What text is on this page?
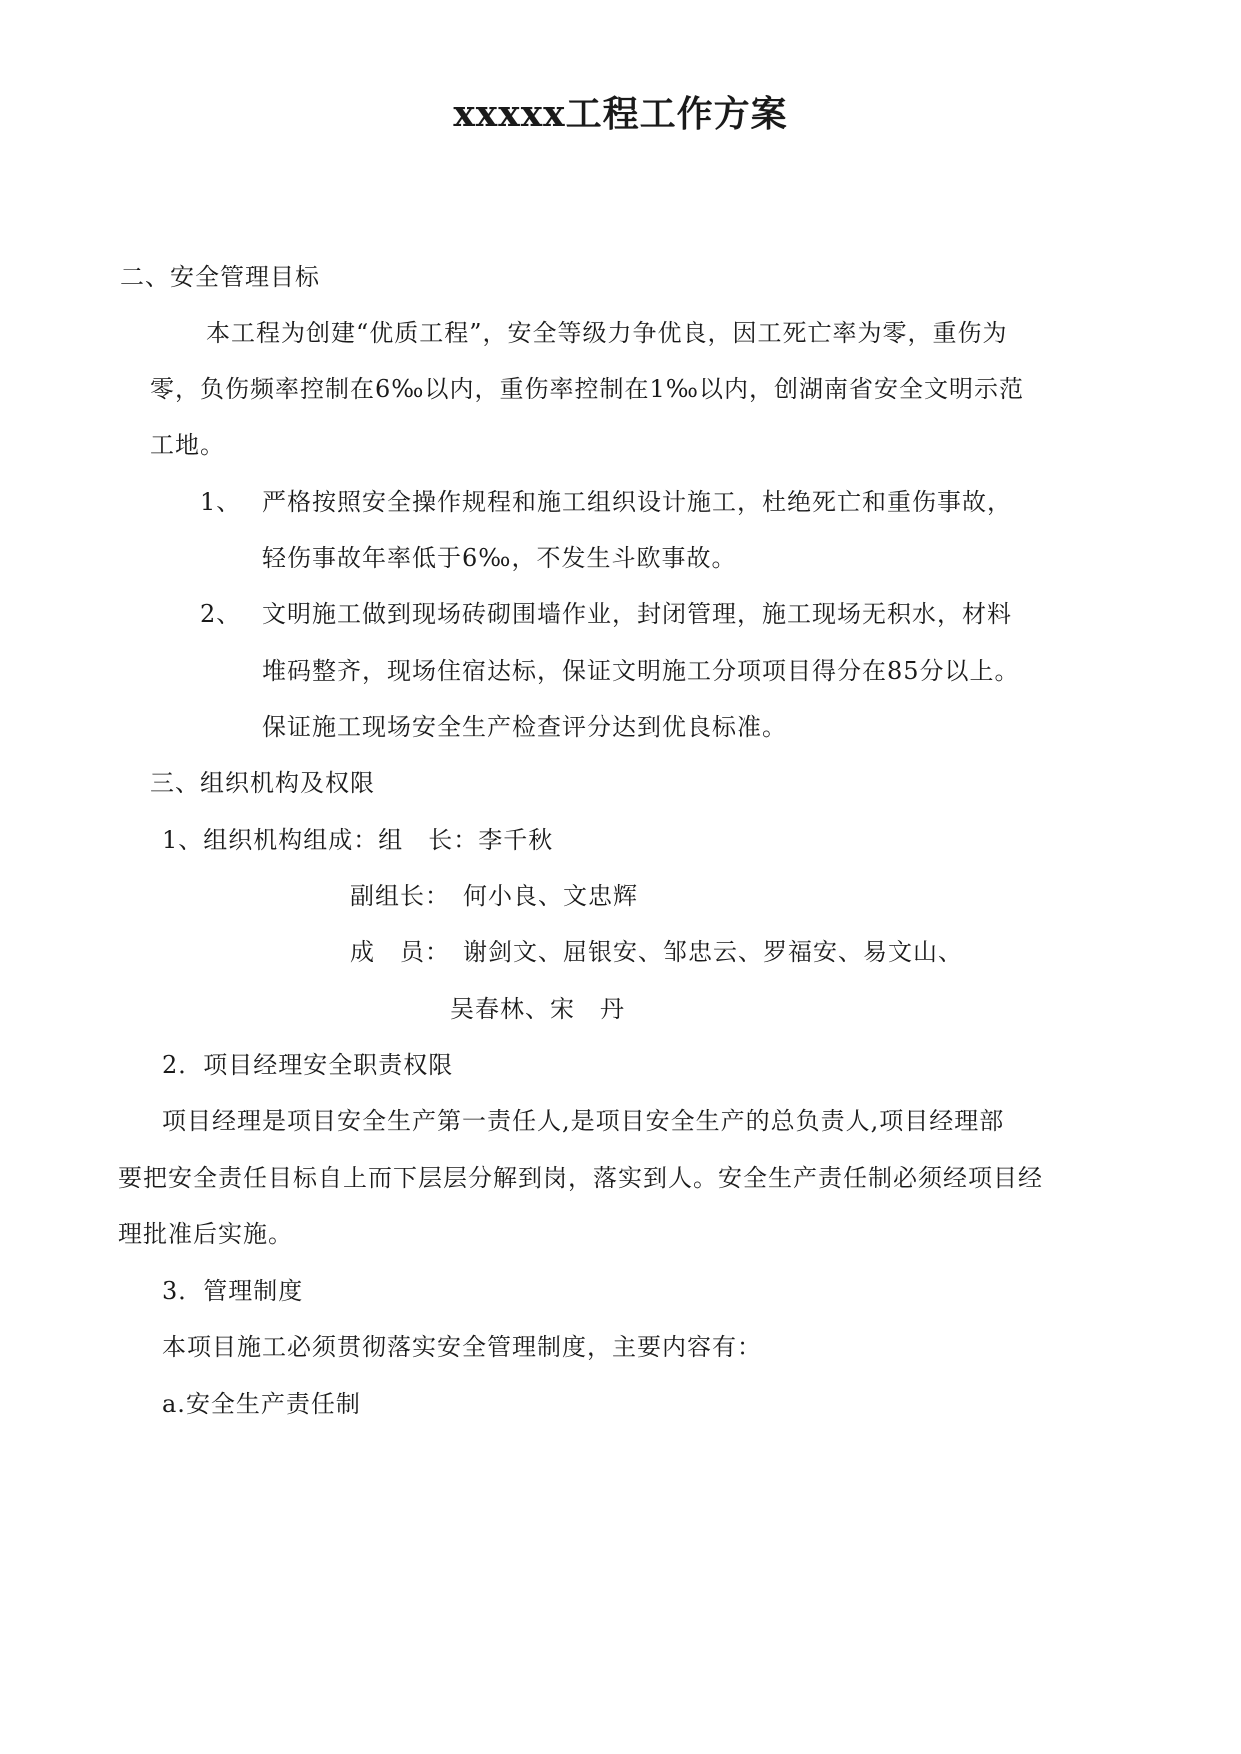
xxxxx工程工作方案
二、安全管理目标
本工程为创建“优质工程”，安全等级力争优良，因工死亡率为零，重伤为
零，负伤频率控制在6‰以内，重伤率控制在1‰以内，创湖南省安全文明示范
工地。
1、 严格按照安全操作规程和施工组织设计施工，杜绝死亡和重伤事故，
轻伤事故年率低于6‰，不发生斗欧事故。
2、 文明施工做到现场砖砌围墙作业，封闭管理，施工现场无积水，材料
堆码整齐，现场住宿达标，保证文明施工分项项目得分在85分以上。
保证施工现场安全生产检查评分达到优良标准。
三、组织机构及权限
1、组织机构组成：组　长：李千秋
副组长：　何小良、文忠辉
成　员：　谢剑文、屈银安、邹忠云、罗福安、易文山、
吴春林、宋　丹
2．项目经理安全职责权限
项目经理是项目安全生产第一责任人,是项目安全生产的总负责人,项目经理部
要把安全责任目标自上而下层层分解到岗，落实到人。安全生产责任制必须经项目经
理批准后实施。
3．管理制度
本项目施工必须贯彻落实安全管理制度，主要内容有：
a.安全生产责任制
